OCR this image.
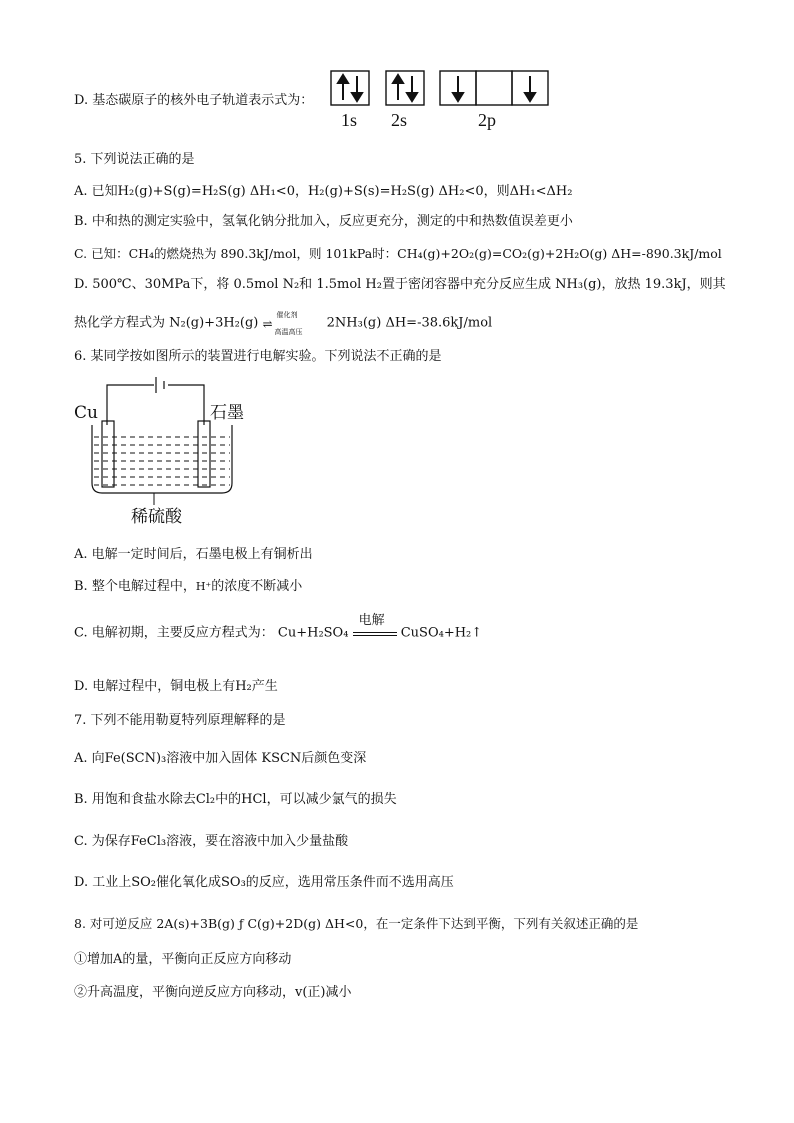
D. 基态碳原子的核外电子轨道表示式为：
1s 2s	2p
5. 下列说法正确的是
A. 已知H₂(g)+S(g)=H₂S(g) ΔH₁<0，H₂(g)+S(s)=H₂S(g) ΔH₂<0，则ΔH₁<ΔH₂
B. 中和热的测定实验中，氢氧化钠分批加入，反应更充分，测定的中和热数值误差更小
C. 已知：CH₄的燃烧热为 890.3kJ/mol，则 101kPa时：CH₄(g)+2O₂(g)=CO₂(g)+2H₂O(g) ΔH=-890.3kJ/mol
D. 500℃、30MPa下，将 0.5mol N₂和 1.5mol H₂置于密闭容器中充分反应生成 NH₃(g)，放热 19.3kJ，则其
热化学方程式为 N₂(g)+3H₂(g)
催化剂
⇌
高温高压
2NH₃(g) ΔH=-38.6kJ/mol
6. 某同学按如图所示的装置进行电解实验。下列说法不正确的是
Cu	石墨
稀硫酸
A. 电解一定时间后，石墨电极上有铜析出
B. 整个电解过程中，H⁺的浓度不断减小
C. 电解初期，主要反应方程式为： Cu+H₂SO₄
电解
CuSO₄+H₂↑
D. 电解过程中，铜电极上有H₂产生
7. 下列不能用勒夏特列原理解释的是
A. 向Fe(SCN)₃溶液中加入固体 KSCN后颜色变深
B. 用饱和食盐水除去Cl₂中的HCl，可以减少氯气的损失
C. 为保存FeCl₃溶液，要在溶液中加入少量盐酸
D. 工业上SO₂催化氧化成SO₃的反应，选用常压条件而不选用高压
8. 对可逆反应 2A(s)+3B(g) ƒ C(g)+2D(g) ΔH<0，在一定条件下达到平衡，下列有关叙述正确的是
①增加A的量，平衡向正反应方向移动
②升高温度，平衡向逆反应方向移动，v(正)减小
